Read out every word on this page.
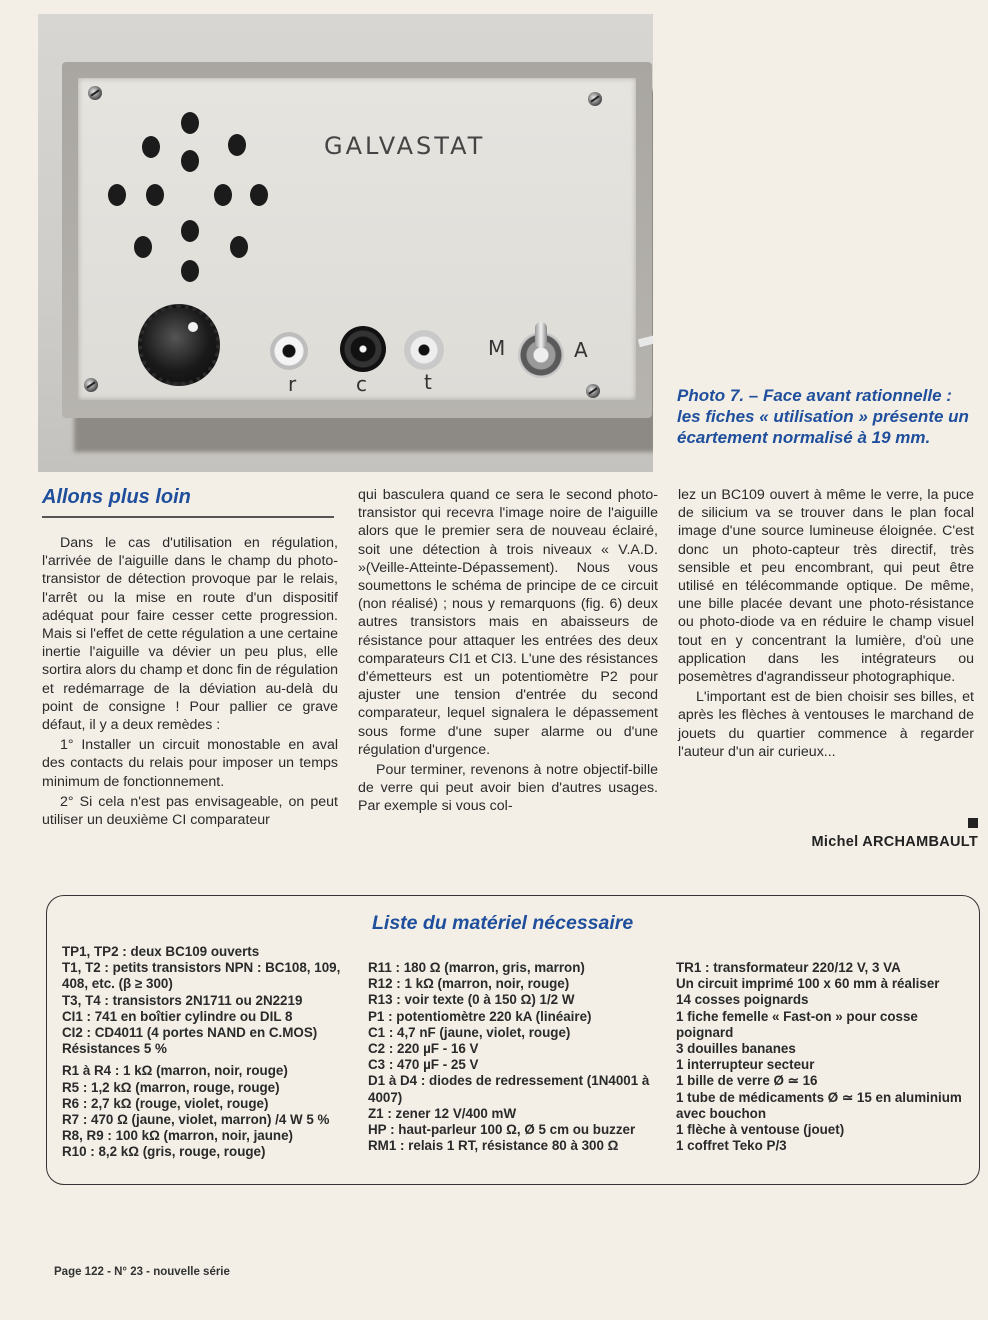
GALVASTAT
r	c	t
M	A
Photo 7. – Face avant rationnelle : les fiches « utilisation » présente un écartement normalisé à 19 mm.
Allons plus loin

Dans le cas d'utilisation en régulation, l'arrivée de l'aiguille dans le champ du photo-transistor de détection provoque par le relais, l'arrêt ou la mise en route d'un dispositif adéquat pour faire cesser cette progression. Mais si l'effet de cette régulation a une certaine inertie l'aiguille va dévier un peu plus, elle sortira alors du champ et donc fin de régulation et redémarrage de la déviation au-delà du point de consigne ! Pour pallier ce grave défaut, il y a deux remèdes :

1° Installer un circuit monostable en aval des contacts du relais pour imposer un temps minimum de fonctionnement.

2° Si cela n'est pas envisageable, on peut utiliser un deuxième CI comparateur

qui basculera quand ce sera le second photo-transistor qui recevra l'image noire de l'aiguille alors que le premier sera de nouveau éclairé, soit une détection à trois niveaux « V.A.D. »(Veille-Atteinte-Dépassement). Nous vous soumettons le schéma de principe de ce circuit (non réalisé) ; nous y remarquons (fig. 6) deux autres transistors mais en abaisseurs de résistance pour attaquer les entrées des deux comparateurs CI1 et CI3. L'une des résistances d'émetteurs est un potentiomètre P2 pour ajuster une tension d'entrée du second comparateur, lequel signalera le dépassement sous forme d'une super alarme ou d'une régulation d'urgence.

Pour terminer, revenons à notre objectif-bille de verre qui peut avoir bien d'autres usages. Par exemple si vous col-

lez un BC109 ouvert à même le verre, la puce de silicium va se trouver dans le plan focal image d'une source lumineuse éloignée. C'est donc un photo-capteur très directif, très sensible et peu encombrant, qui peut être utilisé en télécommande optique. De même, une bille placée devant une photo-résistance ou photo-diode va en réduire le champ visuel tout en y concentrant la lumière, d'où une application dans les intégrateurs ou posemètres d'agrandisseur photographique.

L'important est de bien choisir ses billes, et après les flèches à ventouses le marchand de jouets du quartier commence à regarder l'auteur d'un air curieux...

Michel ARCHAMBAULT
Liste du matériel nécessaire
TP1, TP2 : deux BC109 ouverts
T1, T2 : petits transistors NPN : BC108, 109, 408, etc. (β ≥ 300)
T3, T4 : transistors 2N1711 ou 2N2219
CI1 : 741 en boîtier cylindre ou DIL 8
CI2 : CD4011 (4 portes NAND en C.MOS)
Résistances 5 %
R1 à R4 : 1 kΩ (marron, noir, rouge)
R5 : 1,2 kΩ (marron, rouge, rouge)
R6 : 2,7 kΩ (rouge, violet, rouge)
R7 : 470 Ω (jaune, violet, marron) /4 W 5 %
R8, R9 : 100 kΩ (marron, noir, jaune)
R10 : 8,2 kΩ (gris, rouge, rouge)
R11 : 180 Ω (marron, gris, marron)
R12 : 1 kΩ (marron, noir, rouge)
R13 : voir texte (0 à 150 Ω) 1/2 W
P1 : potentiomètre 220 kA (linéaire)
C1 : 4,7 nF (jaune, violet, rouge)
C2 : 220 µF - 16 V
C3 : 470 µF - 25 V
D1 à D4 : diodes de redressement (1N4001 à 4007)
Z1 : zener 12 V/400 mW
HP : haut-parleur 100 Ω, Ø 5 cm ou buzzer
RM1 : relais 1 RT, résistance 80 à 300 Ω
TR1 : transformateur 220/12 V, 3 VA
Un circuit imprimé 100 x 60 mm à réaliser
14 cosses poignards
1 fiche femelle « Fast-on » pour cosse poignard
3 douilles bananes
1 interrupteur secteur
1 bille de verre Ø ≃ 16
1 tube de médicaments Ø ≃ 15 en aluminium avec bouchon
1 flèche à ventouse (jouet)
1 coffret Teko P/3
Page 122 - N° 23 - nouvelle série
